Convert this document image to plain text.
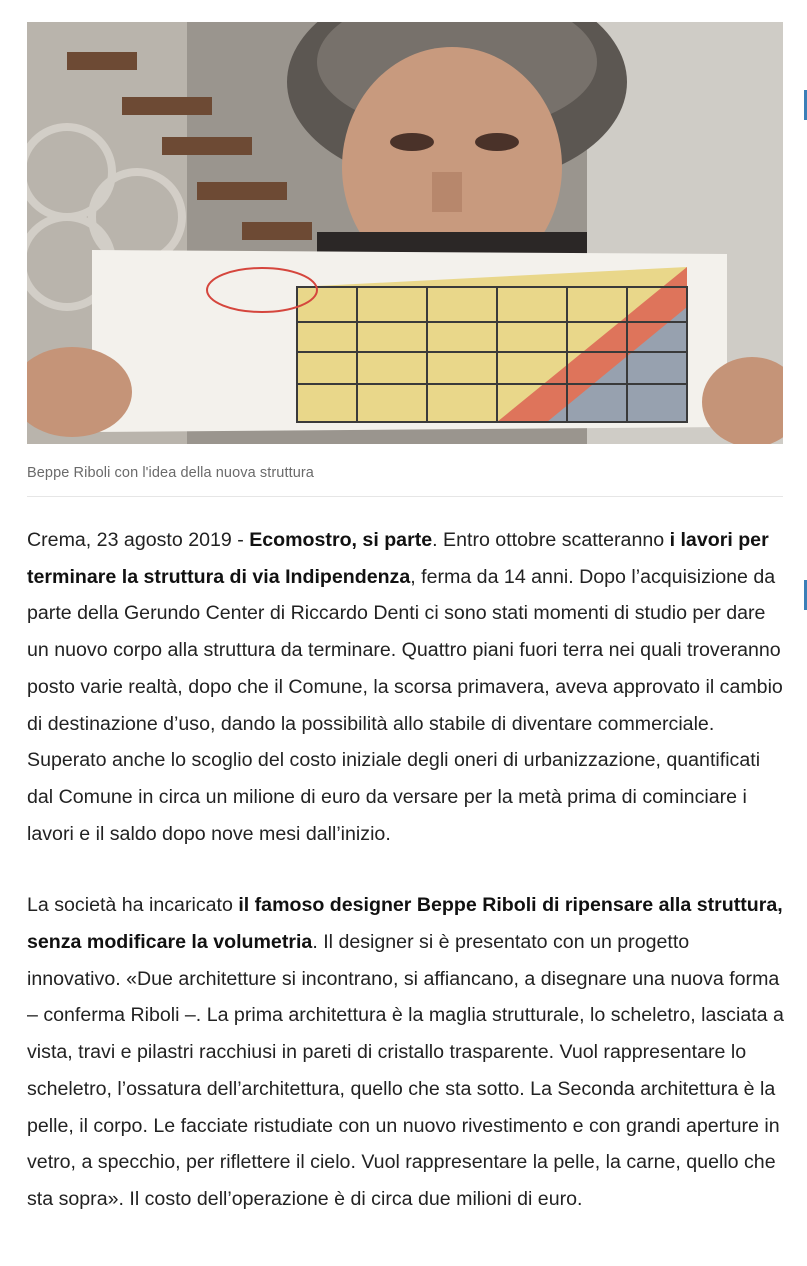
Beppe Riboli con l'idea della nuova struttura

Crema, 23 agosto 2019 - Ecomostro, si parte. Entro ottobre scatteranno i lavori per terminare la struttura di via Indipendenza, ferma da 14 anni. Dopo l’acquisizione da parte della Gerundo Center di Riccardo Denti ci sono stati momenti di studio per dare un nuovo corpo alla struttura da terminare. Quattro piani fuori terra nei quali troveranno posto varie realtà, dopo che il Comune, la scorsa primavera, aveva approvato il cambio di destinazione d’uso, dando la possibilità allo stabile di diventare commerciale. Superato anche lo scoglio del costo iniziale degli oneri di urbanizzazione, quantificati dal Comune in circa un milione di euro da versare per la metà prima di cominciare i lavori e il saldo dopo nove mesi dall’inizio.

La società ha incaricato il famoso designer Beppe Riboli di ripensare alla struttura, senza modificare la volumetria. Il designer si è presentato con un progetto innovativo. «Due architetture si incontrano, si affiancano, a disegnare una nuova forma – conferma Riboli –. La prima architettura è la maglia strutturale, lo scheletro, lasciata a vista, travi e pilastri racchiusi in pareti di cristallo trasparente. Vuol rappresentare lo scheletro, l’ossatura dell’architettura, quello che sta sotto. La Seconda architettura è la pelle, il corpo. Le facciate ristudiate con un nuovo rivestimento e con grandi aperture in vetro, a specchio, per riflettere il cielo. Vuol rappresentare la pelle, la carne, quello che sta sopra». Il costo dell’operazione è di circa due milioni di euro.
